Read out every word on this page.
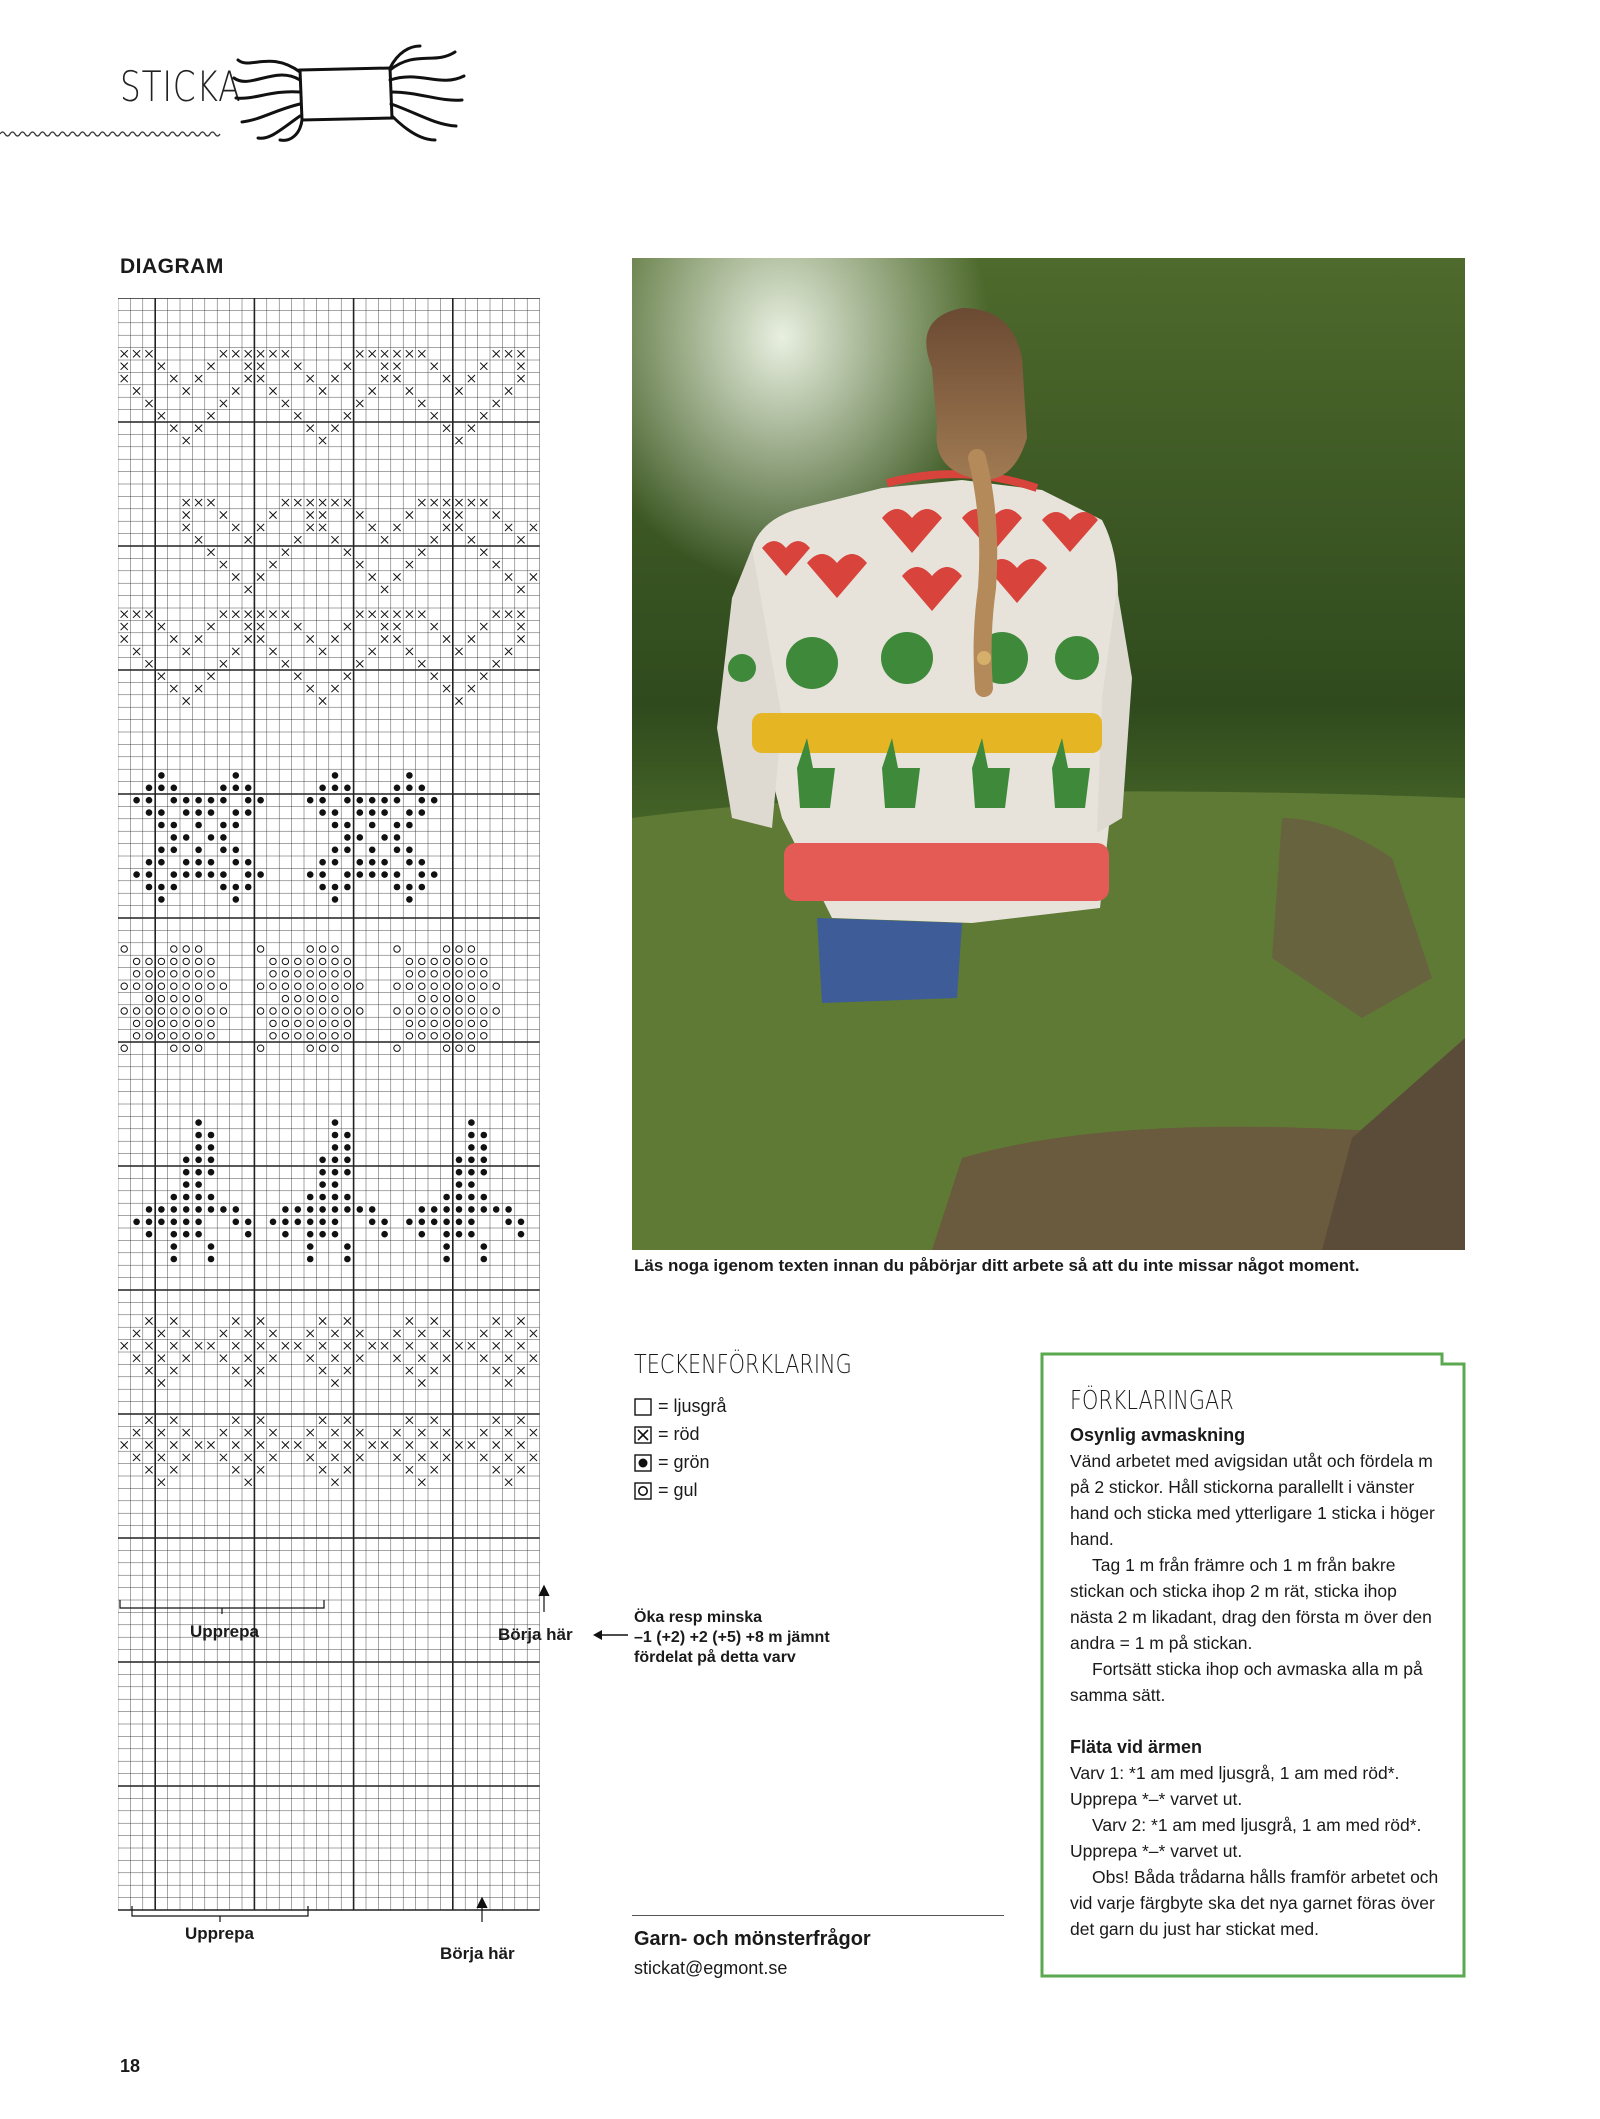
STICKA
DIAGRAM
Upprepa	Börja här
Upprepa
Börja här
Läs noga igenom texten innan du påbörjar ditt arbete så att du inte missar något moment.
TECKENFÖRKLARING
= ljusgrå
= röd
= grön
= gul
Öka resp minska
–1 (+2) +2 (+5) +8 m jämnt
fördelat på detta varv
Garn- och mönsterfrågor
stickat@egmont.se
FÖRKLARINGAR
Osynlig avmaskning

Vänd arbetet med avigsidan utåt och fördela m på 2 stickor. Håll stickorna parallellt i vänster hand och sticka med ytterligare 1 sticka i höger hand.

Tag 1 m från främre och 1 m från bakre stickan och sticka ihop 2 m rät, sticka ihop nästa 2 m likadant, drag den första m över den andra = 1 m på stickan.

Fortsätt sticka ihop och avmaska alla m på samma sätt.

Fläta vid ärmen

Varv 1: *1 am med ljusgrå, 1 am med röd*. Upprepa *–* varvet ut.

Varv 2: *1 am med ljusgrå, 1 am med röd*. Upprepa *–* varvet ut.

Obs! Båda trådarna hålls framför arbetet och vid varje färgbyte ska det nya garnet föras över det garn du just har stickat med.

18
